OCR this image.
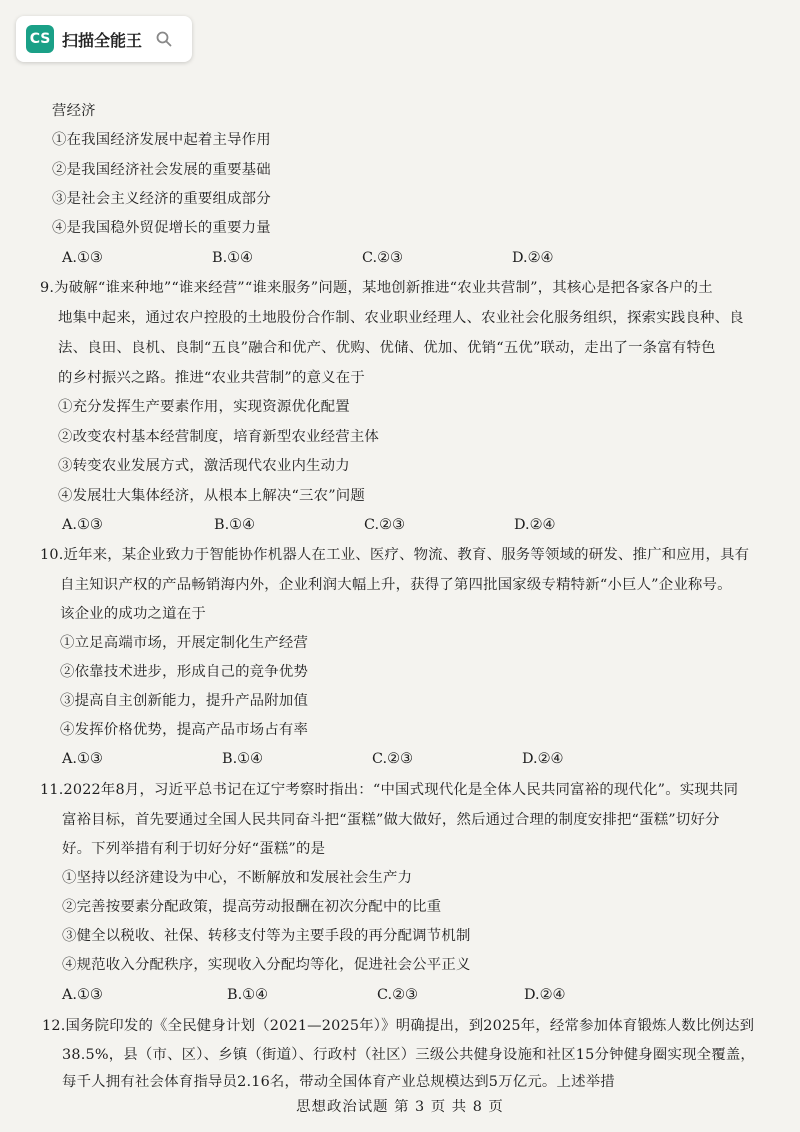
CS 扫描全能王
营经济
①在我国经济发展中起着主导作用
②是我国经济社会发展的重要基础
③是社会主义经济的重要组成部分
④是我国稳外贸促增长的重要力量
A.①③	B.①④	C.②③	D.②④
9.为破解“谁来种地”“谁来经营”“谁来服务”问题，某地创新推进“农业共营制”，其核心是把各家各户的土
地集中起来，通过农户控股的土地股份合作制、农业职业经理人、农业社会化服务组织，探索实践良种、良
法、良田、良机、良制“五良”融合和优产、优购、优储、优加、优销“五优”联动，走出了一条富有特色
的乡村振兴之路。推进“农业共营制”的意义在于
①充分发挥生产要素作用，实现资源优化配置
②改变农村基本经营制度，培育新型农业经营主体
③转变农业发展方式，激活现代农业内生动力
④发展壮大集体经济，从根本上解决“三农”问题
A.①③	B.①④	C.②③	D.②④
10.近年来，某企业致力于智能协作机器人在工业、医疗、物流、教育、服务等领域的研发、推广和应用，具有
自主知识产权的产品畅销海内外，企业利润大幅上升，获得了第四批国家级专精特新“小巨人”企业称号。
该企业的成功之道在于
①立足高端市场，开展定制化生产经营
②依靠技术进步，形成自己的竞争优势
③提高自主创新能力，提升产品附加值
④发挥价格优势，提高产品市场占有率
A.①③	B.①④	C.②③	D.②④
11.2022年8月，习近平总书记在辽宁考察时指出：“中国式现代化是全体人民共同富裕的现代化”。实现共同
富裕目标，首先要通过全国人民共同奋斗把“蛋糕”做大做好，然后通过合理的制度安排把“蛋糕”切好分
好。下列举措有利于切好分好“蛋糕”的是
①坚持以经济建设为中心，不断解放和发展社会生产力
②完善按要素分配政策，提高劳动报酬在初次分配中的比重
③健全以税收、社保、转移支付等为主要手段的再分配调节机制
④规范收入分配秩序，实现收入分配均等化，促进社会公平正义
A.①③	B.①④	C.②③	D.②④
12.国务院印发的《全民健身计划（2021—2025年）》明确提出，到2025年，经常参加体育锻炼人数比例达到
38.5%，县（市、区）、乡镇（街道）、行政村（社区）三级公共健身设施和社区15分钟健身圈实现全覆盖，
每千人拥有社会体育指导员2.16名，带动全国体育产业总规模达到5万亿元。上述举措
思想政治试题 第 3 页 共 8 页
